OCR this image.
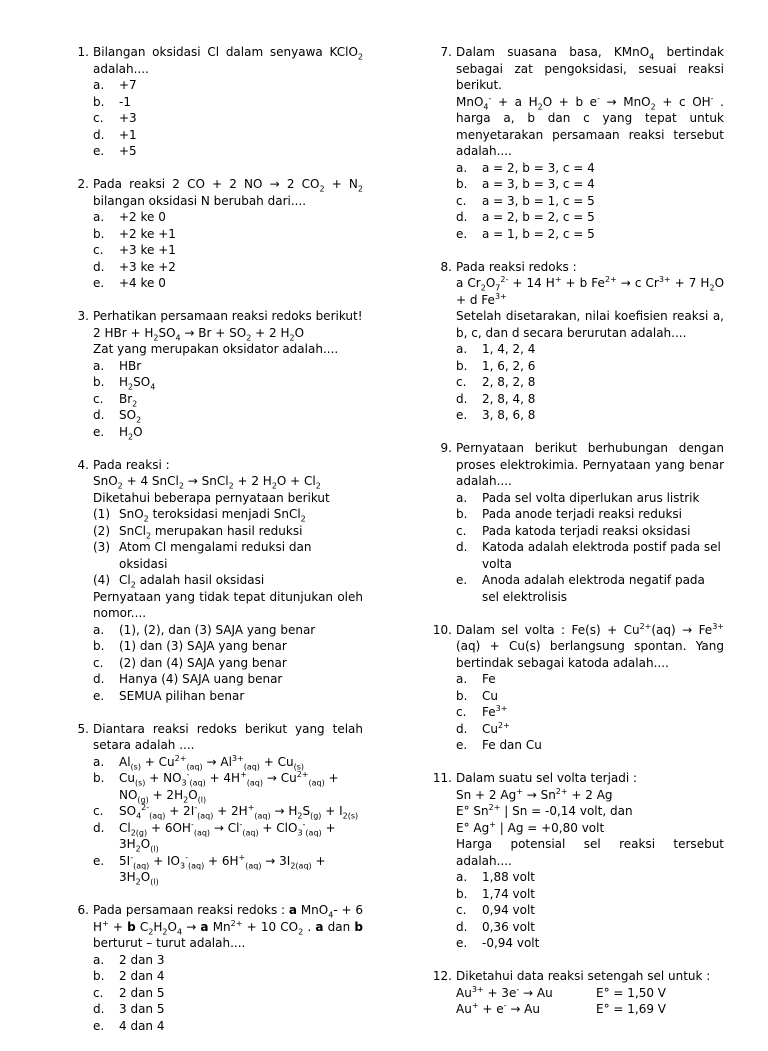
1. Bilangan oksidasi Cl dalam senyawa KClO$_2$ adalah....
a. +7
b. -1
c. +3
d. +1
e. +5
2. Pada reaksi 2 CO + 2 NO → 2 $CO_2 + N_2$ bilangan oksidasi N berubah dari....
a. +2 ke 0
b. +2 ke +1
c. +3 ke +1
d. +3 ke +2
e. +4 ke 0
3. Perhatikan persamaan reaksi redoks berikut!
2 HBr + $H_2SO_4 \to Br + SO_2 + 2$ $H_2O$
Zat yang merupakan oksidator adalah....
a. HBr
b. $H_2SO_4$
c. $Br_2$
d. $SO_2$
e. $H_2O$
4. Pada reaksi :
SnO$_2$ + 4 SnCl$_2$ → SnCl$_2$ + 2 $H_2O + Cl_2$
Diketahui beberapa pernyataan berikut
(1) SnO$_2$ teroksidasi menjadi SnCl$_2$
(2) SnCl$_2$ merupakan hasil reduksi
(3) Atom Cl mengalami reduksi dan oksidasi
(4) $Cl_2$ adalah hasil oksidasi
Pernyataan yang tidak tepat ditunjukan oleh nomor....
a. (1), (2), dan (3) SAJA yang benar
b. (1) dan (3) SAJA yang benar
c. (2) dan (4) SAJA yang benar
d. Hanya (4) SAJA uang benar
e. SEMUA pilihan benar
5. Diantara reaksi redoks berikut yang telah setara adalah ....
a. $Al_{(s)} + Cu^{2+}_{(aq)} \to Al^{3+}_{(aq)} + Cu_{(s)}$
b. $Cu_{(s)} + NO_3^-_{(aq)} + 4H^+_{(aq)} \to Cu^{2+}_{(aq)} + NO_{(g)} + 2H_2O_{(l)}$
c. $SO_4^{2-}_{(aq)} + 2I^-_{(aq)} + 2H^+_{(aq)} \to H_2S_{(g)} + I_{2(s)}$
d. $Cl_{2(g)} + 6OH^-_{(aq)} \to Cl^-_{(aq)} + ClO_3^-_{(aq)} + 3H_2O_{(l)}$
e. $5I^-_{(aq)} + IO_3^-_{(aq)} + 6H^+_{(aq)} \to 3I_{2(aq)} + 3H_2O_{(l)}$
6. Pada persamaan reaksi redoks : a MnO$_4$- + 6 H+ + b $C_2H_2O_4 \to a$ $Mn^{2+} + 10$ $CO_2$ . a dan b berturut – turut adalah....
a. 2 dan 3
b. 2 dan 4
c. 2 dan 5
d. 3 dan 5
e. 4 dan 4
7. Dalam suasana basa, KMnO$_4$ bertindak sebagai zat pengoksidasi, sesuai reaksi berikut.
MnO$_4$- + a $H_2O + b$ e- → MnO$_2$ + c OH- . harga a, b dan c yang tepat untuk menyetarakan persamaan reaksi tersebut adalah....
a. a = 2, b = 3, c = 4
b. a = 3, b = 3, c = 4
c. a = 3, b = 1, c = 5
d. a = 2, b = 2, c = 5
e. a = 1, b = 2, c = 5
8. Pada reaksi redoks :
a $Cr_2O_7^{2-} + 14$ H+ + b $Fe^{2+} \to c$ $Cr^{3+} + 7$ $H_2O + d$ $Fe^{3+}$
Setelah disetarakan, nilai koefisien reaksi a, b, c, dan d secara berurutan adalah....
a. 1, 4, 2, 4
b. 1, 6, 2, 6
c. 2, 8, 2, 8
d. 2, 8, 4, 8
e. 3, 8, 6, 8
9. Pernyataan berikut berhubungan dengan proses elektrokimia. Pernyataan yang benar adalah....
a. Pada sel volta diperlukan arus listrik
b. Pada anode terjadi reaksi reduksi
c. Pada katoda terjadi reaksi oksidasi
d. Katoda adalah elektroda postif pada sel volta
e. Anoda adalah elektroda negatif pada sel elektrolisis
10. Dalam sel volta : $Fe(s) + Cu^{2+}(aq) \to Fe^{3+}(aq) + Cu(s)$ berlangsung spontan. Yang bertindak sebagai katoda adalah....
a. Fe
b. Cu
c. $Fe^{3+}$
d. $Cu^{2+}$
e. Fe dan Cu
11. Dalam suatu sel volta terjadi :
Sn + 2 $Ag^+ \to Sn^{2+} + 2$ Ag
E° $Sn^{2+}$ | Sn = -0,14 volt, dan
E° Ag+ | Ag = +0,80 volt
Harga potensial sel reaksi tersebut adalah....
a. 1,88 volt
b. 1,74 volt
c. 0,94 volt
d. 0,36 volt
e. -0,94 volt
12. Diketahui data reaksi setengah sel untuk :
$Au^{3+} + 3e^- \to Au$	E° = 1,50 V
Au+ + e- → Au	E° = 1,69 V
